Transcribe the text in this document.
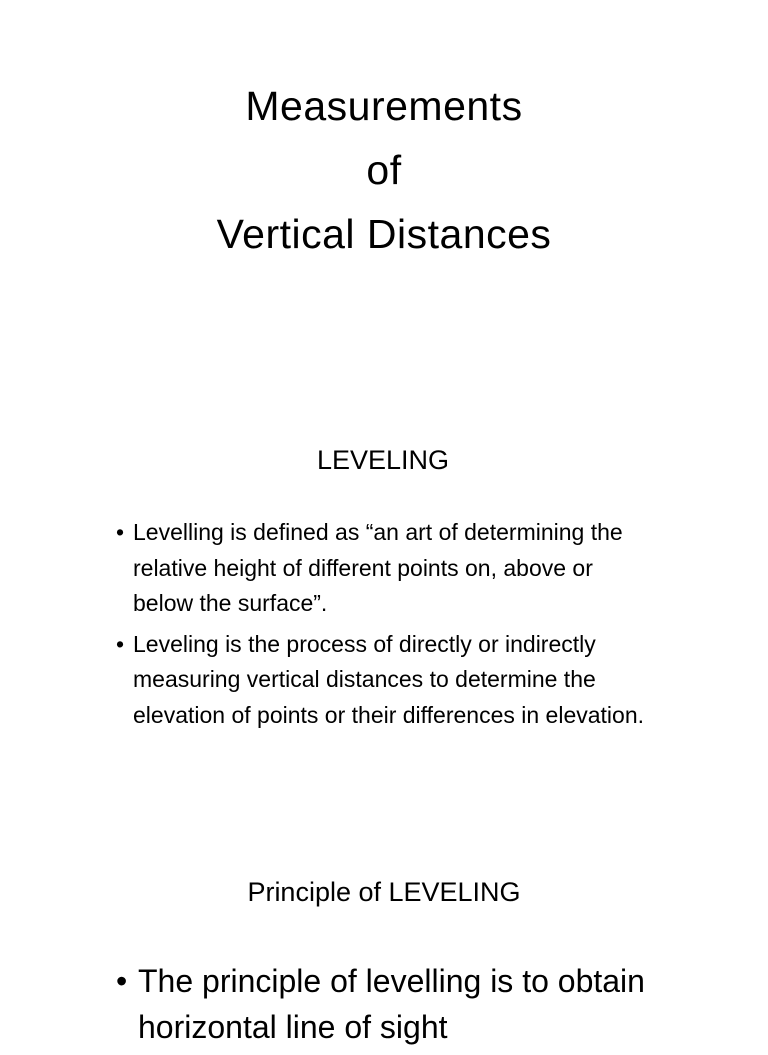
Measurements
of
Vertical Distances
LEVELING
• Levelling is defined as “an art of determining the relative height of different points on, above or below the surface”.
• Leveling is the process of directly or indirectly measuring vertical distances to determine the elevation of points or their differences in elevation.
Principle of LEVELING
• The principle of levelling is to obtain horizontal line of sight
